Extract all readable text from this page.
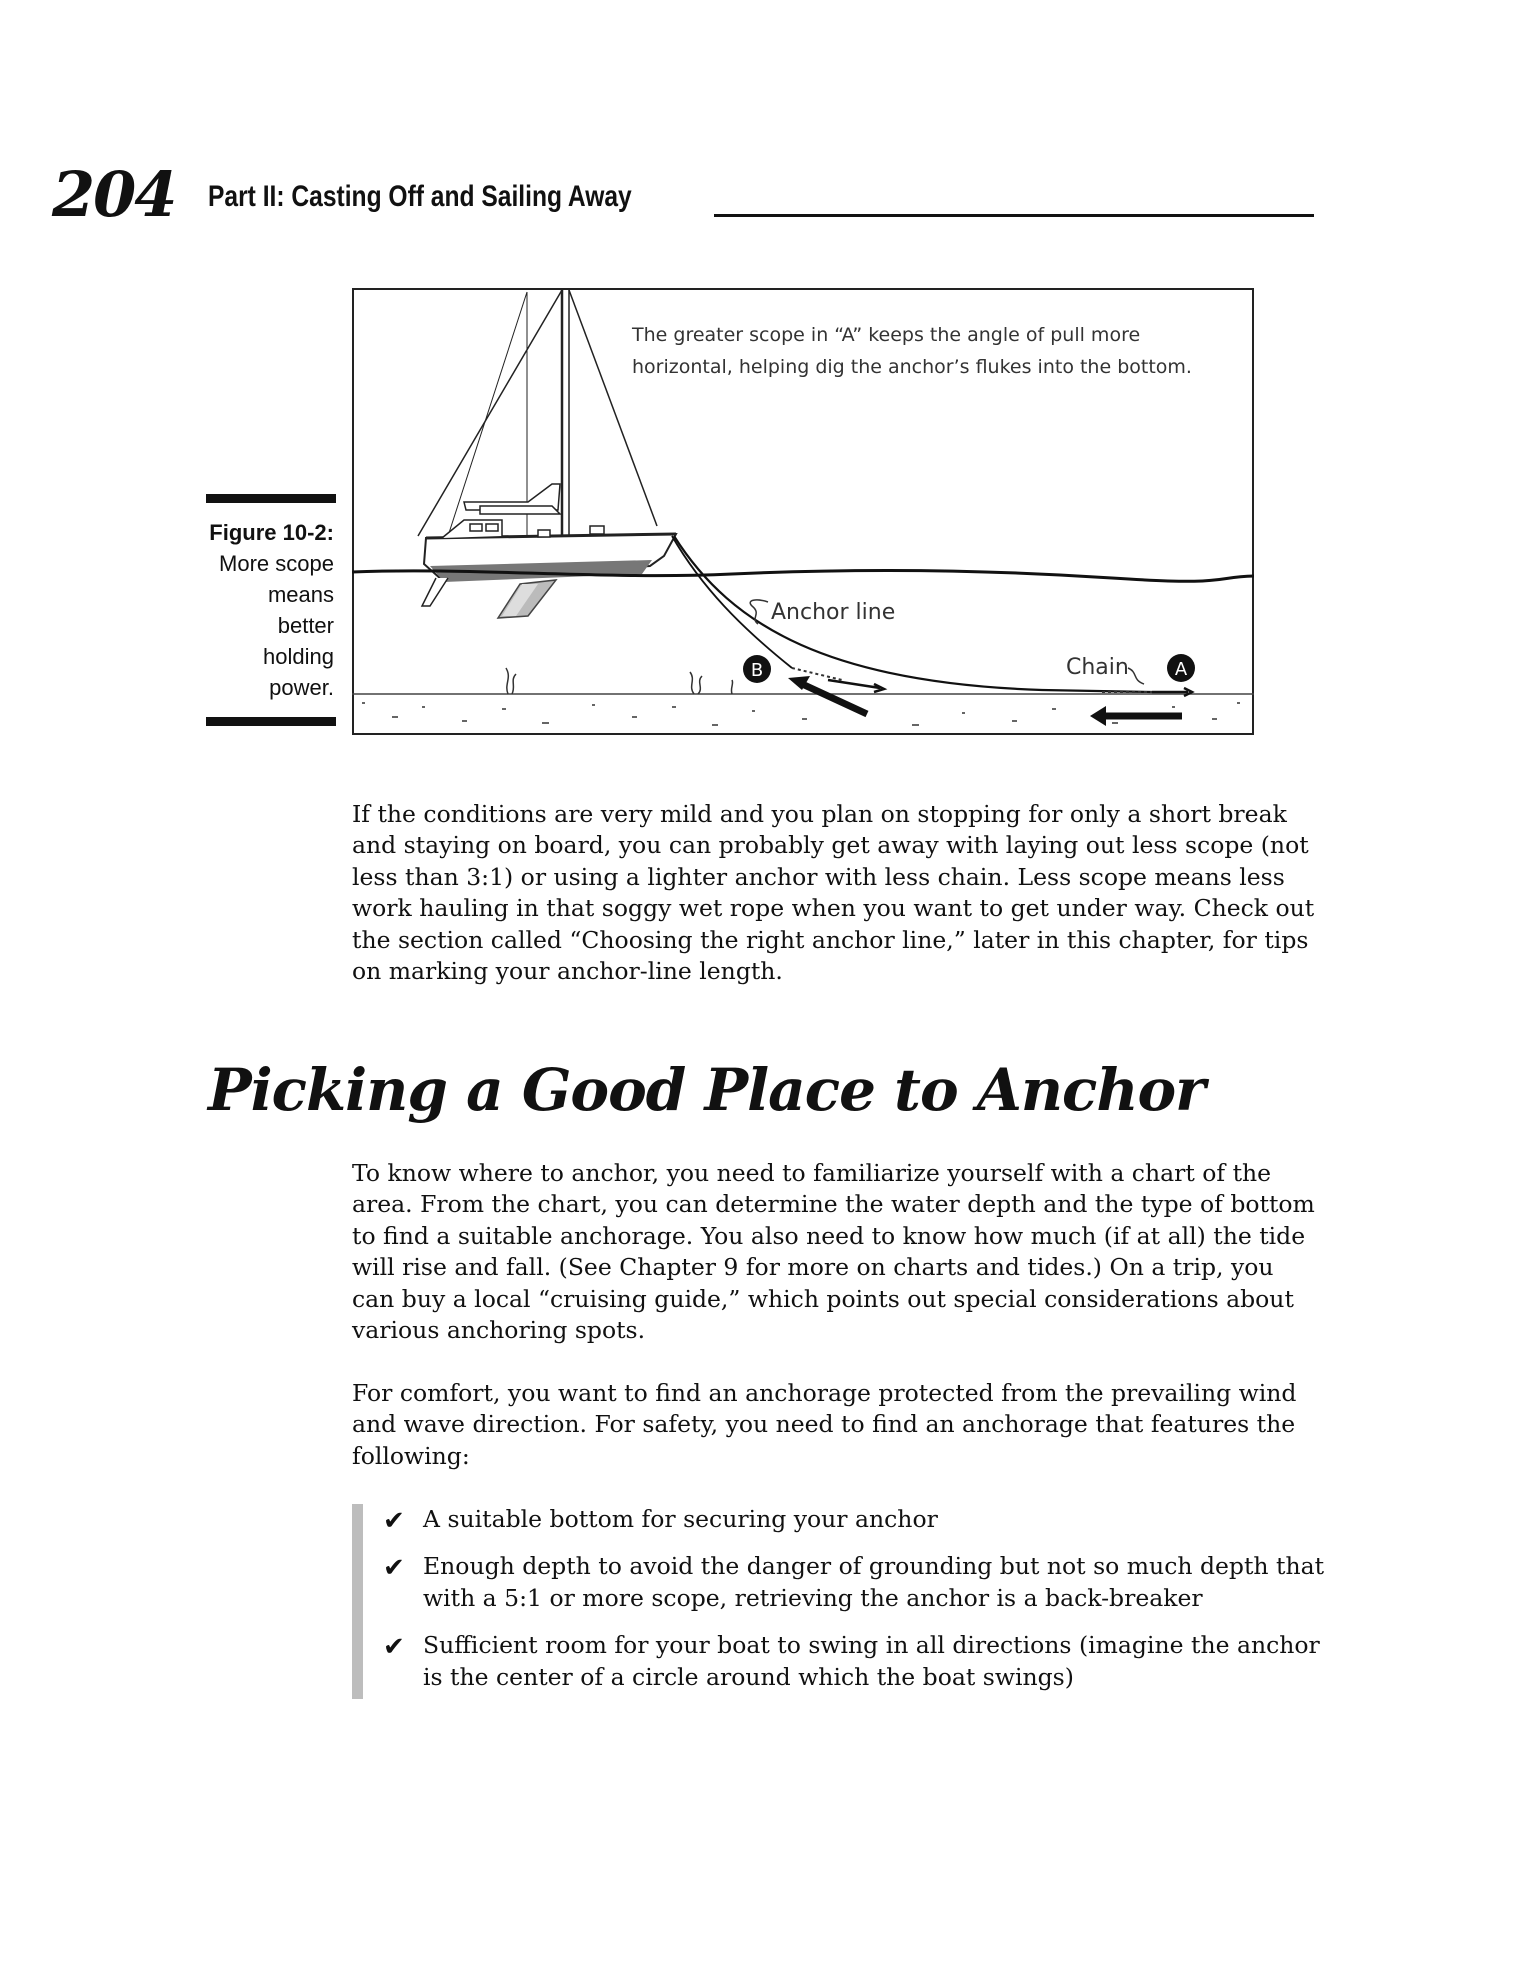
204 Part II: Casting Off and Sailing Away
Figure 10-2:
More scope means better holding power.
The greater scope in “A” keeps the angle of pull more
horizontal, helping dig the anchor’s flukes into the bottom.
Anchor line
Chain
B	A

If the conditions are very mild and you plan on stopping for only a short break and staying on board, you can probably get away with laying out less scope (not less than 3:1) or using a lighter anchor with less chain. Less scope means less work hauling in that soggy wet rope when you want to get under way. Check out the section called “Choosing the right anchor line,” later in this chapter, for tips on marking your anchor-line length.

Picking a Good Place to Anchor

To know where to anchor, you need to familiarize yourself with a chart of the area. From the chart, you can determine the water depth and the type of bottom to find a suitable anchorage. You also need to know how much (if at all) the tide will rise and fall. (See Chapter 9 for more on charts and tides.) On a trip, you can buy a local “cruising guide,” which points out special considerations about various anchoring spots.

For comfort, you want to find an anchorage protected from the prevailing wind and wave direction. For safety, you need to find an anchorage that features the following:

✔ A suitable bottom for securing your anchor
✔ Enough depth to avoid the danger of grounding but not so much depth that with a 5:1 or more scope, retrieving the anchor is a back-breaker
✔ Sufficient room for your boat to swing in all directions (imagine the anchor is the center of a circle around which the boat swings)
